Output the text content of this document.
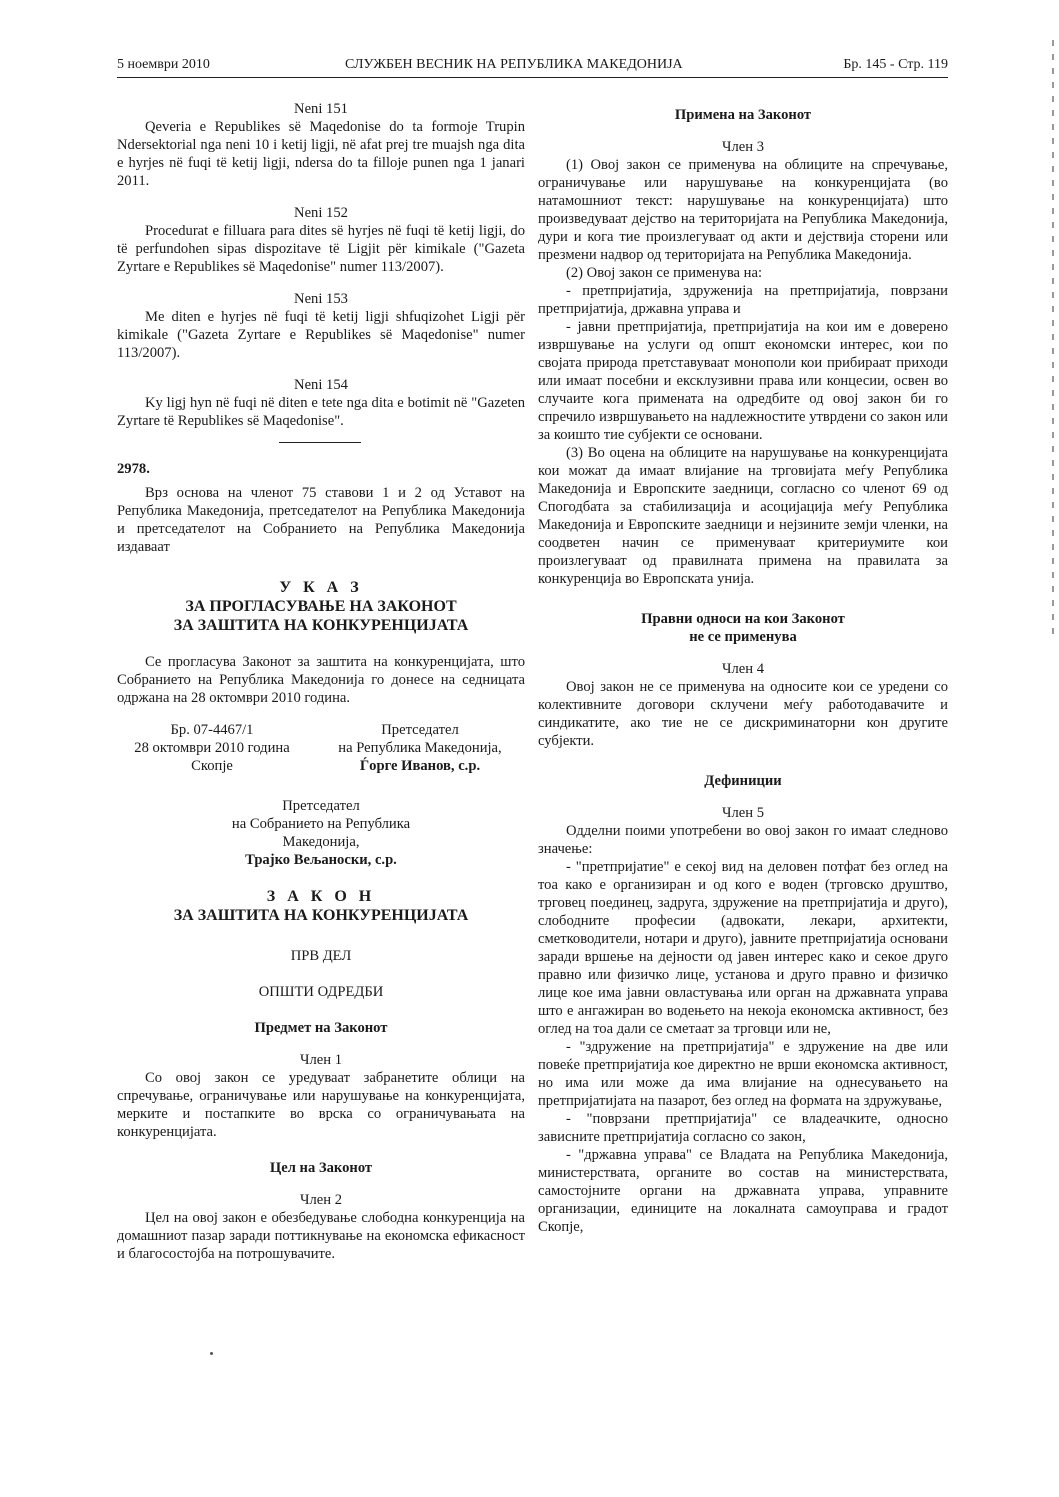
5 ноември 2010	СЛУЖБЕН ВЕСНИК НА РЕПУБЛИКА МАКЕДОНИЈА	Бр. 145 - Стр. 119

Neni 151

Qeveria e Republikes së Maqedonise do ta formoje Trupin Ndersektorial nga neni 10 i ketij ligji, në afat prej tre muajsh nga dita e hyrjes në fuqi të ketij ligji, ndersa do ta filloje punen nga 1 janari 2011.

Neni 152

Procedurat e filluara para dites së hyrjes në fuqi të ketij ligji, do të perfundohen sipas dispozitave të Ligjit për kimikale ("Gazeta Zyrtare e Republikes së Maqedonise" numer 113/2007).

Neni 153

Me diten e hyrjes në fuqi të ketij ligji shfuqizohet Ligji për kimikale ("Gazeta Zyrtare e Republikes së Maqedonise" numer 113/2007).

Neni 154

Ky ligj hyn në fuqi në diten e tete nga dita e botimit në "Gazeten Zyrtare të Republikes së Maqedonise".

2978.

Врз основа на членот 75 ставови 1 и 2 од Уставот на Република Македонија, претседателот на Република Македонија и претседателот на Собранието на Република Македонија издаваат

У К А З

ЗА ПРОГЛАСУВАЊЕ НА ЗАКОНОТ

ЗА ЗАШТИТА НА КОНКУРЕНЦИЈАТА

Се прогласува Законот за заштита на конкуренцијата, што Собранието на Република Македонија го донесе на седницата одржана на 28 октомври 2010 година.

Бр. 07-4467/1
28 октомври 2010 година
Скопје
Претседател
на Република Македонија,
Ѓорге Иванов, с.р.
Претседател
на Собранието на Република
Македонија,
Трајко Вељаноски, с.р.

З А К О Н

ЗА ЗАШТИТА НА КОНКУРЕНЦИЈАТА

ПРВ ДЕЛ

ОПШТИ ОДРЕДБИ

Предмет на Законот

Член 1

Со овој закон се уредуваат забранетите облици на спречување, ограничување или нарушување на конкуренцијата, мерките и постапките во врска со ограничувањата на конкуренцијата.

Цел на Законот

Член 2

Цел на овој закон е обезбедување слободна конкуренција на домашниот пазар заради поттикнување на економска ефикасност и благосостојба на потрошувачите.

Примена на Законот

Член 3

(1) Овој закон се применува на облиците на спречување, ограничување или нарушување на конкуренцијата (во натамошниот текст: нарушување на конкуренцијата) што произведуваат дејство на територијата на Република Македонија, дури и кога тие произлегуваат од акти и дејствија сторени или презмени надвор од територијата на Република Македонија.

(2) Овој закон се применува на:

- претпријатија, здруженија на претпријатија, поврзани претпријатија, државна управа и

- јавни претпријатија, претпријатија на кои им е доверено извршување на услуги од општ економски интерес, кои по својата природа претставуваат монополи кои прибираат приходи или имаат посебни и ексклузивни права или концесии, освен во случаите кога примената на одредбите од овој закон би го спречило извршувањето на надлежностите утврдени со закон или за коишто тие субјекти се основани.

(3) Во оцена на облиците на нарушување на конкуренцијата кои можат да имаат влијание на трговијата меѓу Република Македонија и Европските заедници, согласно со членот 69 од Спогодбата за стабилизација и асоцијација меѓу Република Македонија и Европските заедници и нејзините земји членки, на соодветен начин се применуваат критериумите кои произлегуваат од правилната примена на правилата за конкуренција во Европската унија.

Правни односи на кои Законот

не се применува

Член 4

Овој закон не се применува на односите кои се уредени со колективните договори склучени меѓу работодавачите и синдикатите, ако тие не се дискриминаторни кон другите субјекти.

Дефиниции

Член 5

Одделни поими употребени во овој закон го имаат следново значење:

- "претпријатие" е секој вид на деловен потфат без оглед на тоа како е организиран и од кого е воден (трговско друштво, трговец поединец, задруга, здружение на претпријатија и друго), слободните професии (адвокати, лекари, архитекти, сметководители, нотари и друго), јавните претпријатија основани заради вршење на дејности од јавен интерес како и секое друго правно или физичко лице, установа и друго правно и физичко лице кое има јавни овластувања или орган на државната управа што е ангажиран во водењето на некоја економска активност, без оглед на тоа дали се сметаат за трговци или не,

- "здружение на претпријатија" е здружение на две или повеќе претпријатија кое директно не врши економска активност, но има или може да има влијание на однесувањето на претпријатијата на пазарот, без оглед на формата на здружување,

- "поврзани претпријатија" се владеачките, односно зависните претпријатија согласно со закон,

- "државна управа" се Владата на Република Македонија, министерствата, органите во состав на министерствата, самостојните органи на државната управа, управните организации, единиците на локалната самоуправа и градот Скопје,
